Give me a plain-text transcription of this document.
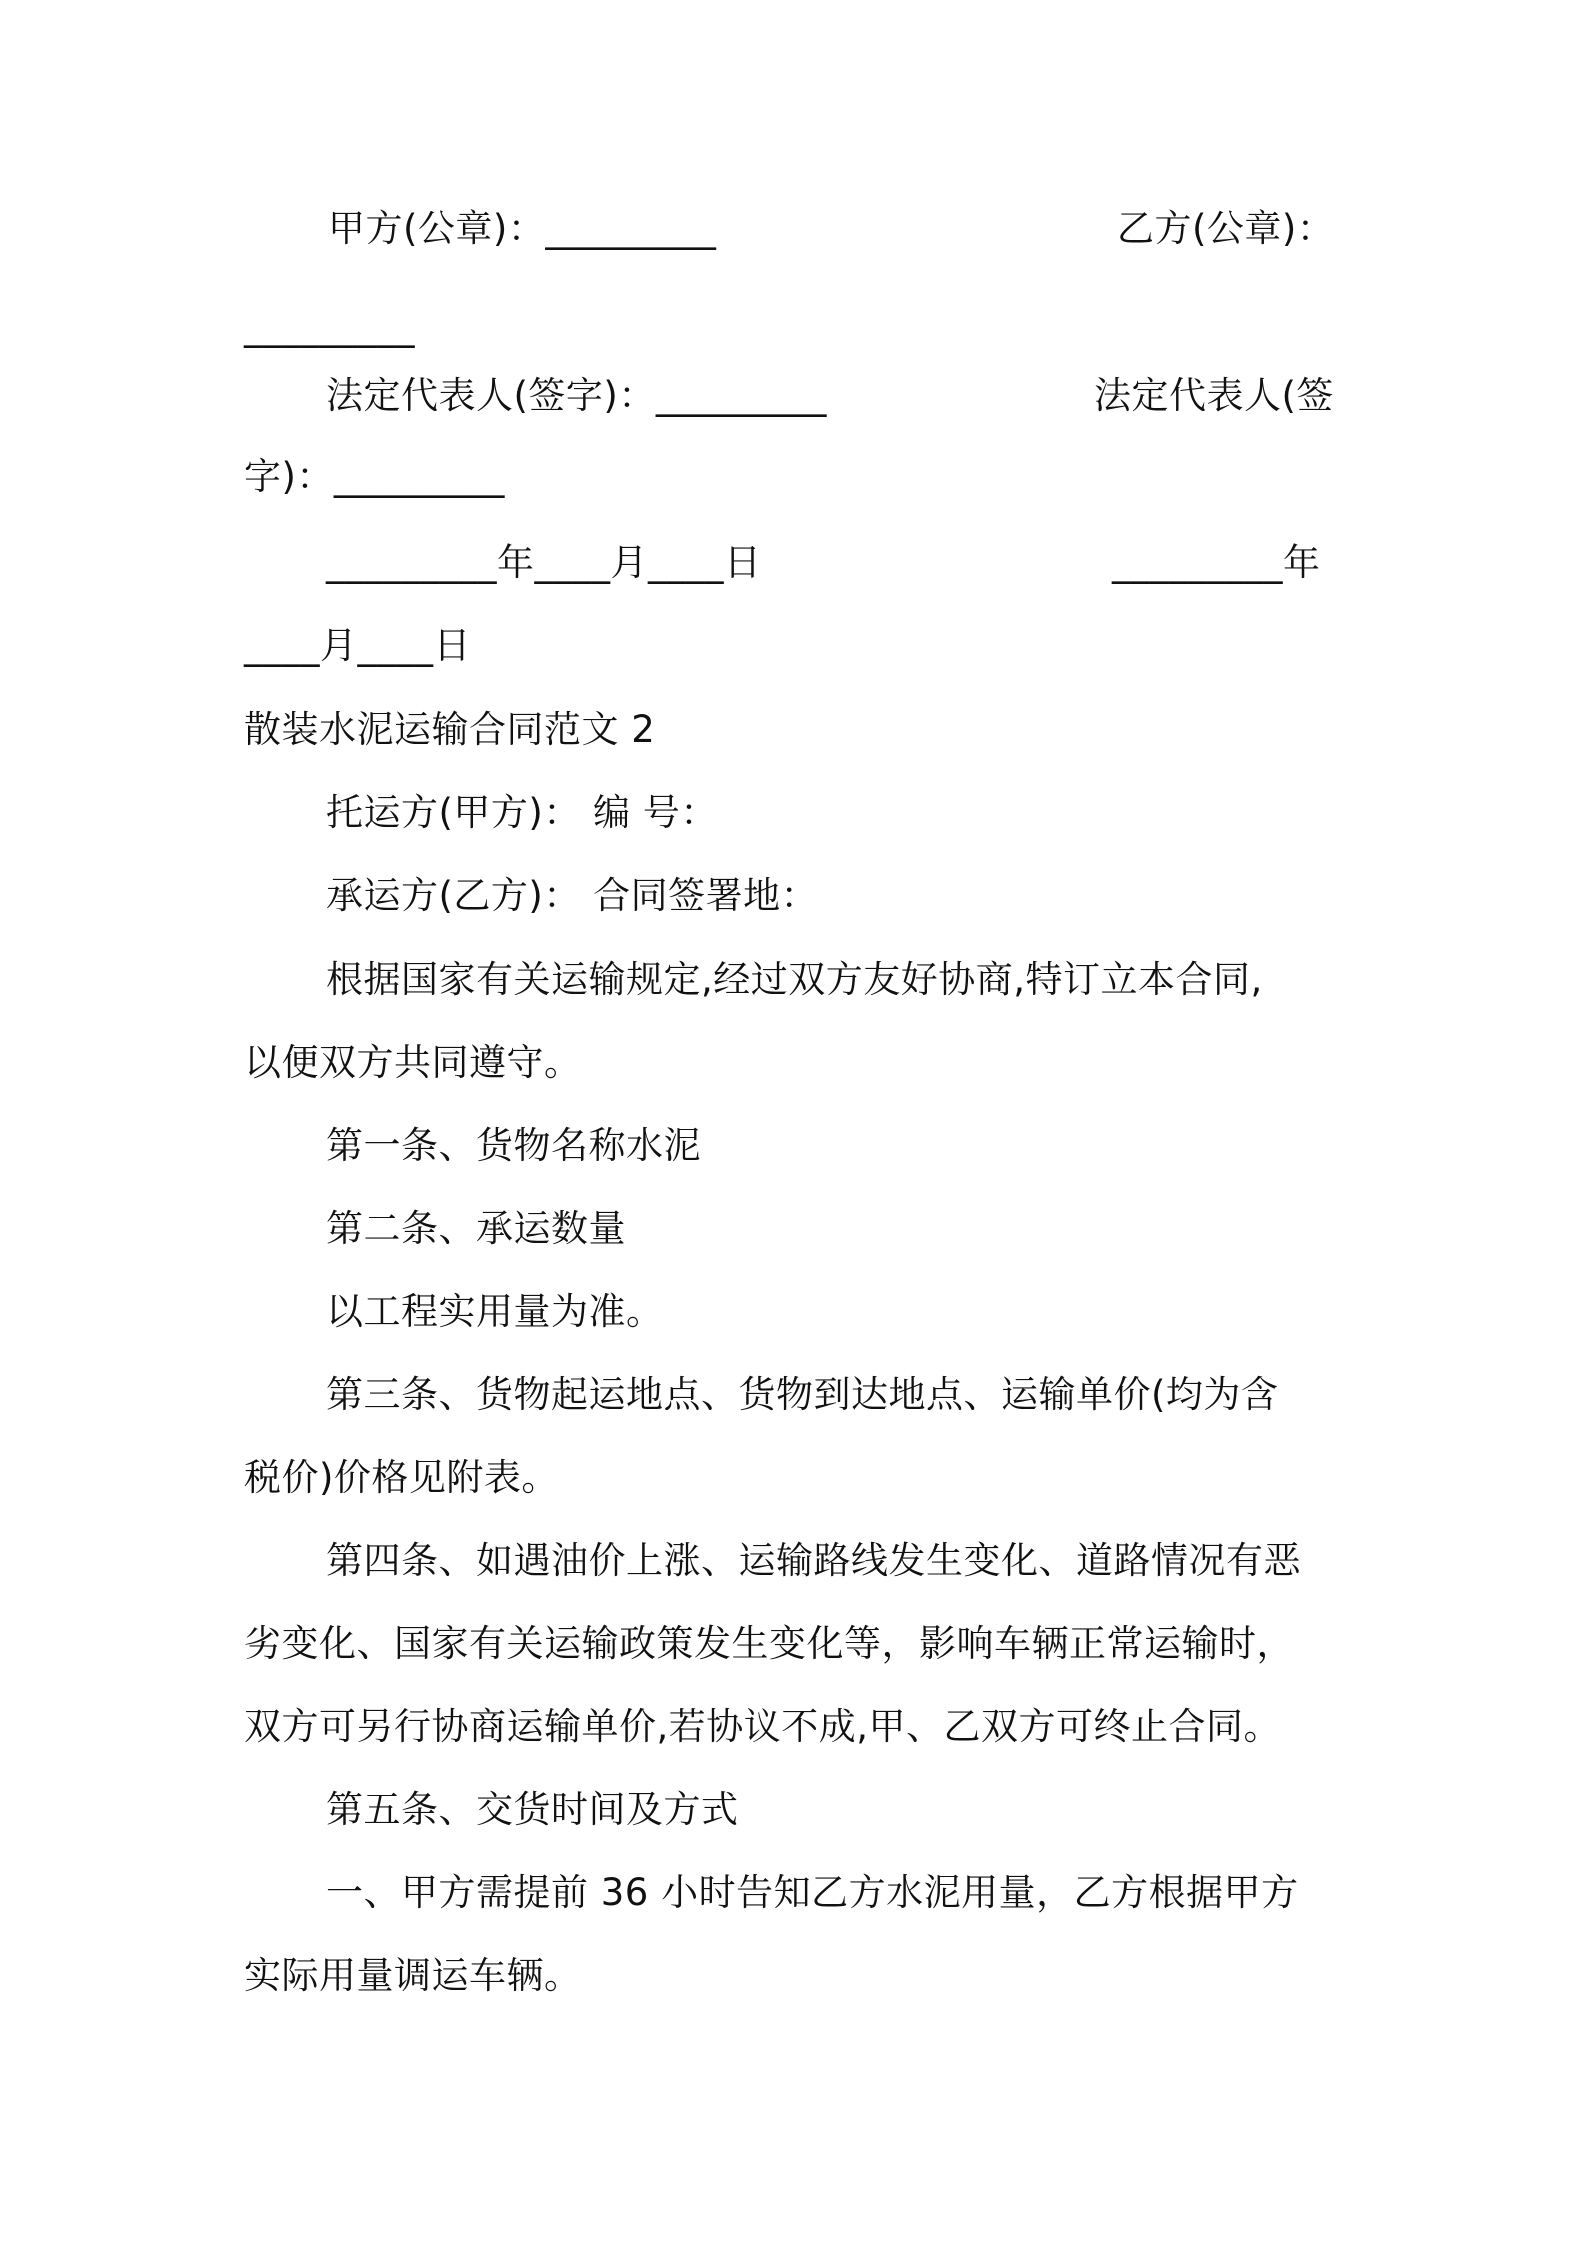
甲方(公章)：_________	乙方(公章)：
_________
法定代表人(签字)：_________	法定代表人(签
字)：_________
_________年____月____日	_________年
____月____日
散装水泥运输合同范文 2
托运方(甲方)： 编 号：
承运方(乙方)： 合同签署地：
根据国家有关运输规定,经过双方友好协商,特订立本合同,
以便双方共同遵守。
第一条、货物名称水泥
第二条、承运数量
以工程实用量为准。
第三条、货物起运地点、货物到达地点、运输单价(均为含
税价)价格见附表。
第四条、如遇油价上涨、运输路线发生变化、道路情况有恶
劣变化、国家有关运输政策发生变化等，影响车辆正常运输时，
双方可另行协商运输单价,若协议不成,甲、乙双方可终止合同。
第五条、交货时间及方式
一、甲方需提前 36 小时告知乙方水泥用量，乙方根据甲方
实际用量调运车辆。
